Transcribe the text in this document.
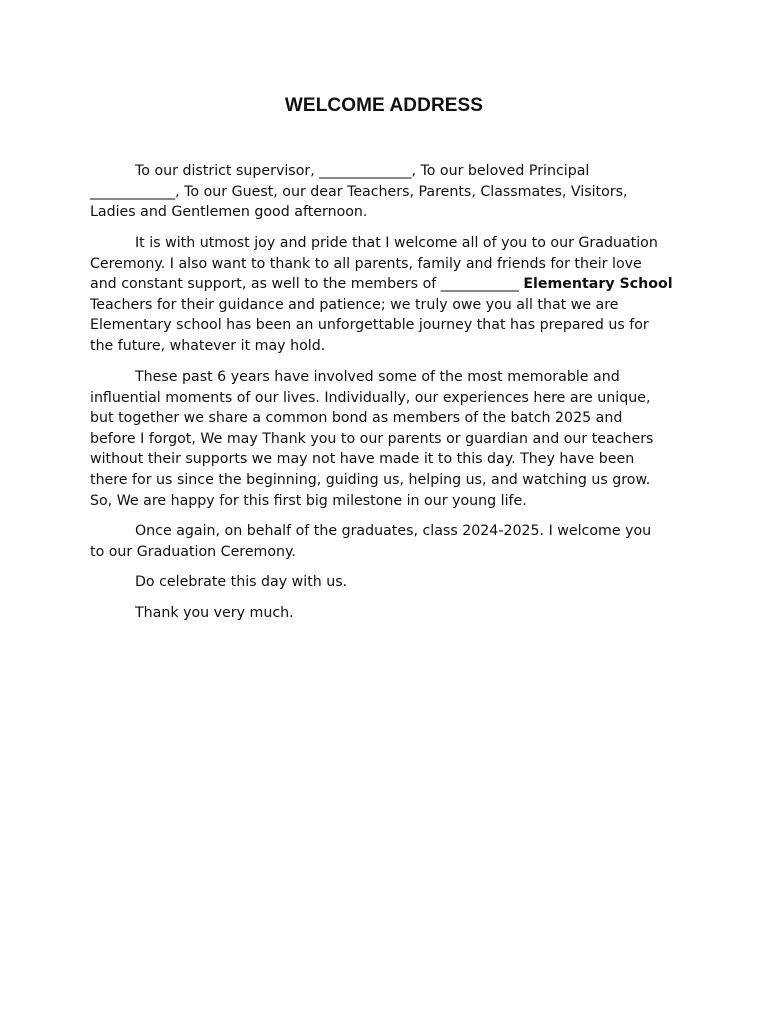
WELCOME ADDRESS
To our district supervisor, _____________, To our beloved Principal
____________, To our Guest, our dear Teachers, Parents, Classmates, Visitors,
Ladies and Gentlemen good afternoon.
It is with utmost joy and pride that I welcome all of you to our Graduation
Ceremony. I also want to thank to all parents, family and friends for their love
and constant support, as well to the members of ___________ Elementary School
Teachers for their guidance and patience; we truly owe you all that we are
Elementary school has been an unforgettable journey that has prepared us for
the future, whatever it may hold.
These past 6 years have involved some of the most memorable and
influential moments of our lives. Individually, our experiences here are unique,
but together we share a common bond as members of the batch 2025 and
before I forgot, We may Thank you to our parents or guardian and our teachers
without their supports we may not have made it to this day. They have been
there for us since the beginning, guiding us, helping us, and watching us grow.
So, We are happy for this first big milestone in our young life.
Once again, on behalf of the graduates, class 2024-2025. I welcome you
to our Graduation Ceremony.
Do celebrate this day with us.
Thank you very much.
